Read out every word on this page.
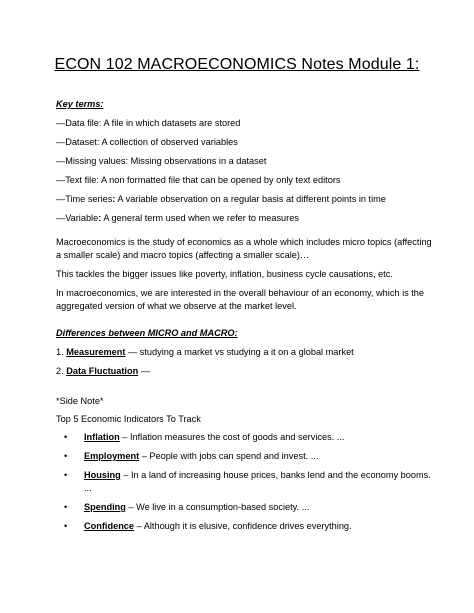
ECON 102 MACROECONOMICS Notes Module 1:
Key terms:

—Data file: A file in which datasets are stored

—Dataset: A collection of observed variables

—Missing values: Missing observations in a dataset

—Text file: A non formatted file that can be opened by only text editors

—Time series: A variable observation on a regular basis at different points in time

—Variable: A general term used when we refer to measures

Macroeconomics is the study of economics as a whole which includes micro topics (affecting a smaller scale) and macro topics (affecting a smaller scale)…

This tackles the bigger issues like poverty, inflation, business cycle causations, etc.

In macroeconomics, we are interested in the overall behaviour of an economy, which is the aggregated version of what we observe at the market level.

Differences between MICRO and MACRO:

1. Measurement — studying a market vs studying a it on a global market

2. Data Fluctuation —

*Side Note*

Top 5 Economic Indicators To Track

• Inflation – Inflation measures the cost of goods and services. ...
• Employment – People with jobs can spend and invest. ...
• Housing – In a land of increasing house prices, banks lend and the economy booms. ...
• Spending – We live in a consumption-based society. ...
• Confidence – Although it is elusive, confidence drives everything.
